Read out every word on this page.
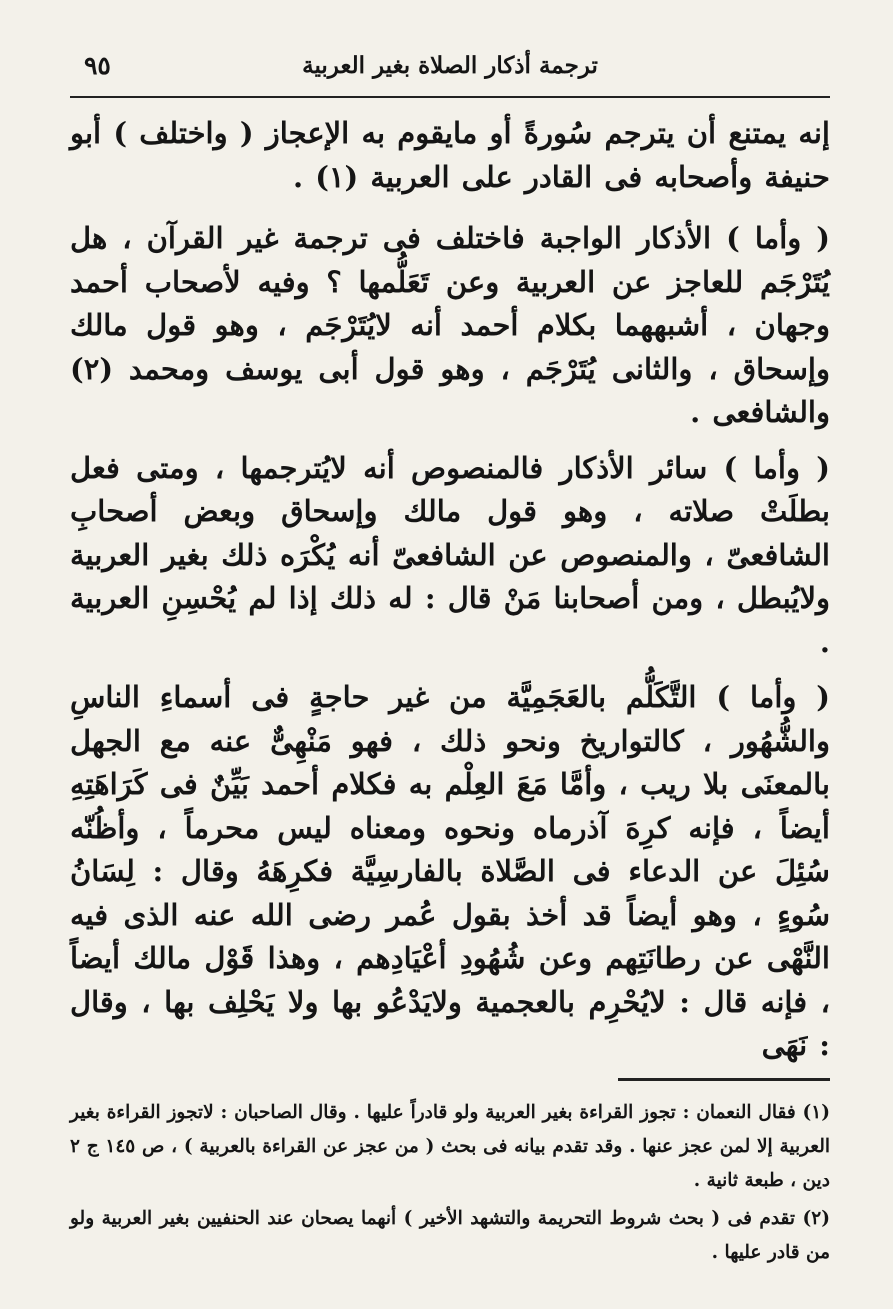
ترجمة أذكار الصلاة بغير العربية
٩٥

إنه يمتنع أن يترجم سُورةً أو مايقوم به الإعجاز ( واختلف ) أبو حنيفة وأصحابه فى القادر على العربية (١) .

( وأما ) الأذكار الواجبة فاختلف فى ترجمة غير القرآن ، هل يُتَرْجَم للعاجز عن العربية وعن تَعَلُّمها ؟ وفيه لأصحاب أحمد وجهان ، أشبههما بكلام أحمد أنه لايُتَرْجَم ، وهو قول مالك وإسحاق ، والثانى يُتَرْجَم ، وهو قول أبى يوسف ومحمد (٢) والشافعى .

( وأما ) سائر الأذكار فالمنصوص أنه لايُترجمها ، ومتى فعل بطلَتْ صلاته ، وهو قول مالك وإسحاق وبعض أصحابِ الشافعىّ ، والمنصوص عن الشافعىّ أنه يُكْرَه ذلك بغير العربية ولايُبطل ، ومن أصحابنا مَنْ قال : له ذلك إذا لم يُحْسِنِ العربية .

( وأما ) التَّكَلُّم بالعَجَمِيَّة من غير حاجةٍ فى أسماءِ الناسِ والشُّهُور ، كالتواريخ ونحو ذلك ، فهو مَنْهِىٌّ عنه مع الجهل بالمعنَى بلا ريب ، وأمَّا مَعَ العِلْم به فكلام أحمد بَيِّنٌ فى كَرَاهَتِهِ أيضاً ، فإنه كرِهَ آذرماه ونحوه ومعناه ليس محرماً ، وأظُنّه سُئِلَ عن الدعاء فى الصَّلاة بالفارسِيَّة فكرِهَهُ وقال : لِسَانُ سُوءٍ ، وهو أيضاً قد أخذ بقول عُمر رضى الله عنه الذى فيه النَّهْى عن رطانَتِهم وعن شُهُودِ أعْيَادِهم ، وهذا قَوْل مالك أيضاً ، فإنه قال : لايُحْرِم بالعجمية ولايَدْعُو بها ولا يَحْلِف بها ، وقال : نَهَى

(١) فقال النعمان : تجوز القراءة بغير العربية ولو قادراً عليها . وقال الصاحبان : لاتجوز القراءة بغير العربية إلا لمن عجز عنها . وقد تقدم بيانه فى بحث ( من عجز عن القراءة بالعربية ) ، ص ١٤٥ ج ٢ دين ، طبعة ثانية .

(٢) تقدم فى ( بحث شروط التحريمة والتشهد الأخير ) أنهما يصحان عند الحنفيين بغير العربية ولو من قادر عليها .
